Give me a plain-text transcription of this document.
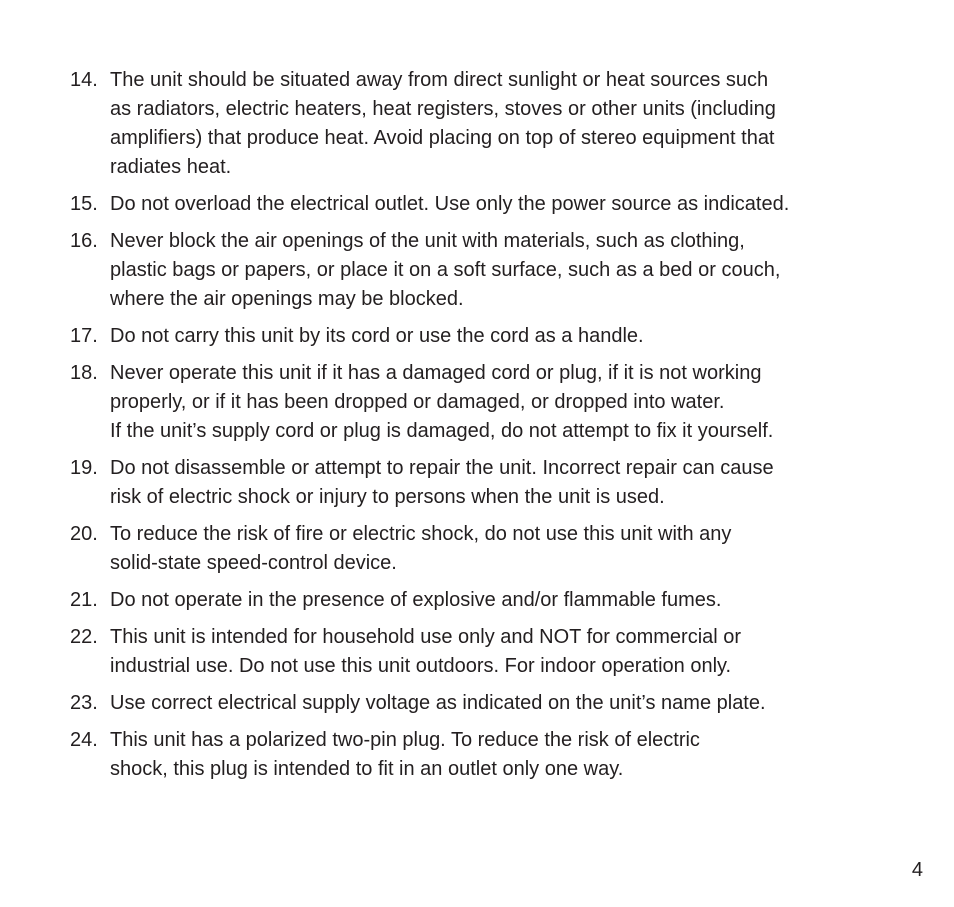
14. The unit should be situated away from direct sunlight or heat sources such
as radiators, electric heaters, heat registers, stoves or other units (including
amplifiers) that produce heat. Avoid placing on top of stereo equipment that
radiates heat.
15. Do not overload the electrical outlet. Use only the power source as indicated.
16. Never block the air openings of the unit with materials, such as clothing,
plastic bags or papers, or place it on a soft surface, such as a bed or couch,
where the air openings may be blocked.
17. Do not carry this unit by its cord or use the cord as a handle.
18. Never operate this unit if it has a damaged cord or plug, if it is not working
properly, or if it has been dropped or damaged, or dropped into water.
If the unit’s supply cord or plug is damaged, do not attempt to fix it yourself.
19. Do not disassemble or attempt to repair the unit. Incorrect repair can cause
risk of electric shock or injury to persons when the unit is used.
20. To reduce the risk of fire or electric shock, do not use this unit with any
solid-state speed-control device.
21. Do not operate in the presence of explosive and/or flammable fumes.
22. This unit is intended for household use only and NOT for commercial or
industrial use. Do not use this unit outdoors. For indoor operation only.
23. Use correct electrical supply voltage as indicated on the unit’s name plate.
24. This unit has a polarized two-pin plug. To reduce the risk of electric
shock, this plug is intended to fit in an outlet only one way.
4
